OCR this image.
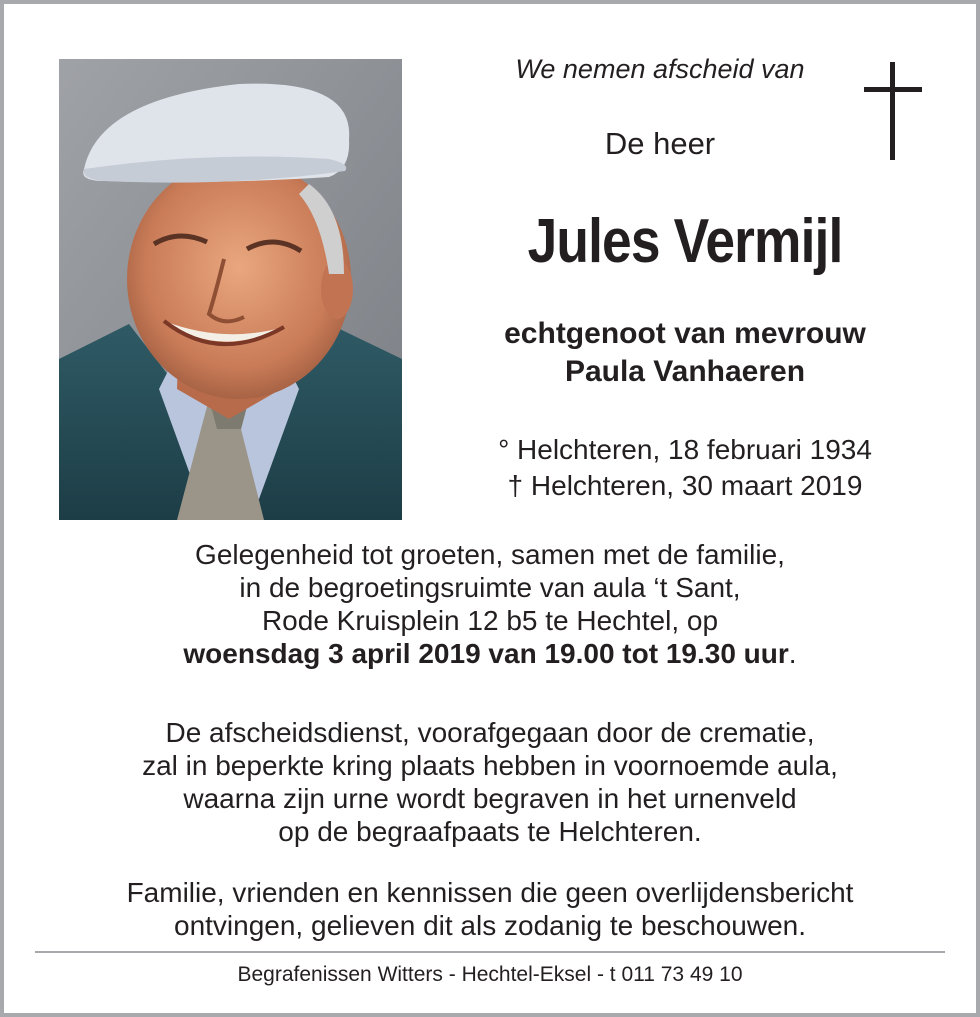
We nemen afscheid van
De heer
Jules Vermijl
echtgenoot van mevrouw
Paula Vanhaeren
° Helchteren, 18 februari 1934
† Helchteren, 30 maart 2019
Gelegenheid tot groeten, samen met de familie,
in de begroetingsruimte van aula ‘t Sant,
Rode Kruisplein 12 b5 te Hechtel, op
woensdag 3 april 2019 van 19.00 tot 19.30 uur.
De afscheidsdienst, voorafgegaan door de crematie,
zal in beperkte kring plaats hebben in voornoemde aula,
waarna zijn urne wordt begraven in het urnenveld
op de begraafpaats te Helchteren.
Familie, vrienden en kennissen die geen overlijdensbericht
ontvingen, gelieven dit als zodanig te beschouwen.
Begrafenissen Witters - Hechtel-Eksel - t 011 73 49 10
